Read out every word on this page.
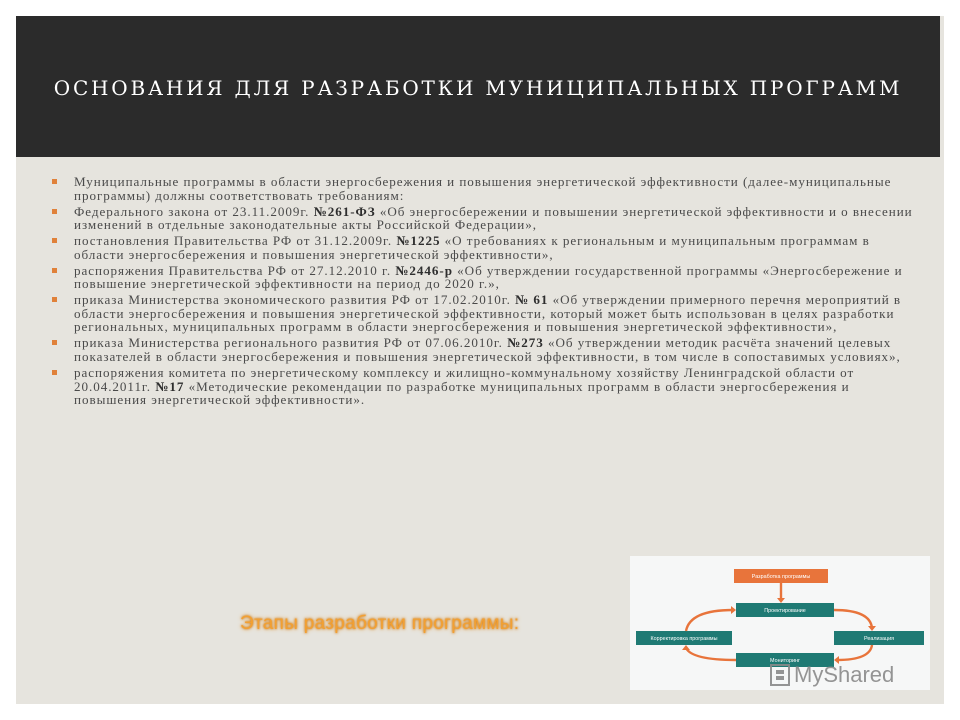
ОСНОВАНИЯ ДЛЯ РАЗРАБОТКИ МУНИЦИПАЛЬНЫХ ПРОГРАММ
Муниципальные программы в области энергосбережения и повышения энергетической эффективности (далее-муниципальные программы) должны соответствовать требованиям:
Федерального закона от 23.11.2009г. №261-ФЗ «Об энергосбережении и повышении энергетической эффективности и о внесении изменений в отдельные законодательные акты Российской Федерации»,
постановления Правительства РФ от 31.12.2009г. №1225 «О требованиях к региональным и муниципальным программам в области энергосбережения и повышения энергетической эффективности»,
распоряжения Правительства РФ от 27.12.2010 г. №2446-р «Об утверждении государственной программы «Энергосбережение и повышение энергетической эффективности на период до 2020 г.»,
приказа Министерства экономического развития РФ от 17.02.2010г. № 61 «Об утверждении примерного перечня мероприятий в области энергосбережения и повышения энергетической эффективности, который может быть использован в целях разработки региональных, муниципальных программ в области энергосбережения и повышения энергетической эффективности»,
приказа Министерства регионального развития РФ от 07.06.2010г. №273 «Об утверждении методик расчёта значений целевых показателей в области энергосбережения и повышения энергетической эффективности, в том числе в сопоставимых условиях»,
распоряжения комитета по энергетическому комплексу и жилищно-коммунальному хозяйству Ленинградской области от 20.04.2011г. №17 «Методические рекомендации по разработке муниципальных программ в области энергосбережения и повышения энергетической эффективности».
Этапы разработки программы:
Разработка программы
Проектирование
Корректировка программы	Реализация
Мониторинг
MyShared
